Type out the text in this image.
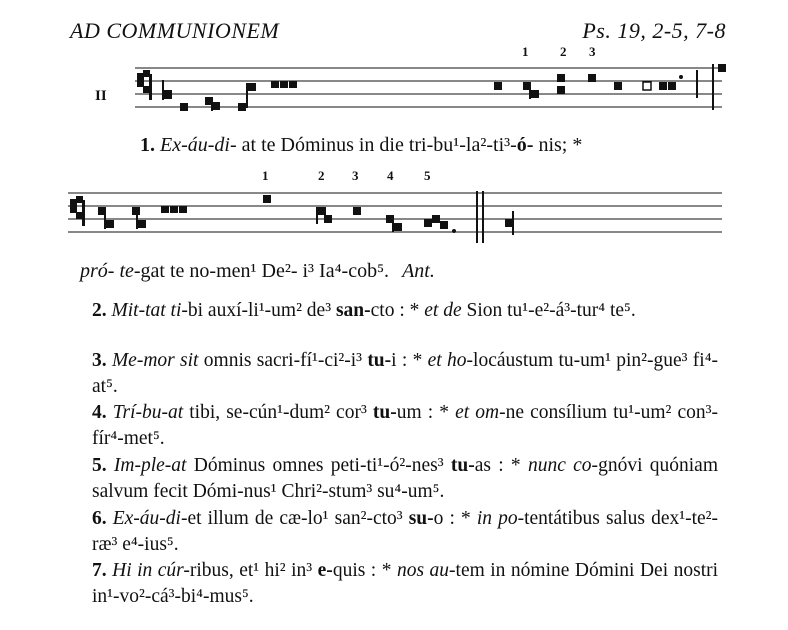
AD COMMUNIONEM	Ps. 19, 2-5, 7-8
1 2 3
II
1. Ex-áu-di- at te Dóminus in die tri-bu¹-la²-ti³-ó- nis; *
1	2 3 4 5
pró- te-gat te no-men¹ De²- i³ Ia⁴-cob⁵. Ant.
2. Mit-tat ti-bi auxí-li¹-um² de³ san-cto : * et de Sion tu¹-e²-á³-tur⁴ te⁵.
3. Me-mor sit omnis sacri-fí¹-ci²-i³ tu-i : * et ho-locáustum tu-um¹ pin²-gue³ fi⁴-at⁵.
4. Trí-bu-at tibi, se-cún¹-dum² cor³ tu-um : * et om-ne consílium tu¹-um² con³-fír⁴-met⁵.
5. Im-ple-at Dóminus omnes peti-ti¹-ó²-nes³ tu-as : * nunc co-gnóvi quóniam salvum fecit Dómi-nus¹ Chri²-stum³ su⁴-um⁵.
6. Ex-áu-di-et illum de cæ-lo¹ san²-cto³ su-o : * in po-tentátibus salus dex¹-te²-ræ³ e⁴-ius⁵.
7. Hi in cúr-ribus, et¹ hi² in³ e-quis : * nos au-tem in nómine Dómini Dei nostri in¹-vo²-cá³-bi⁴-mus⁵.
